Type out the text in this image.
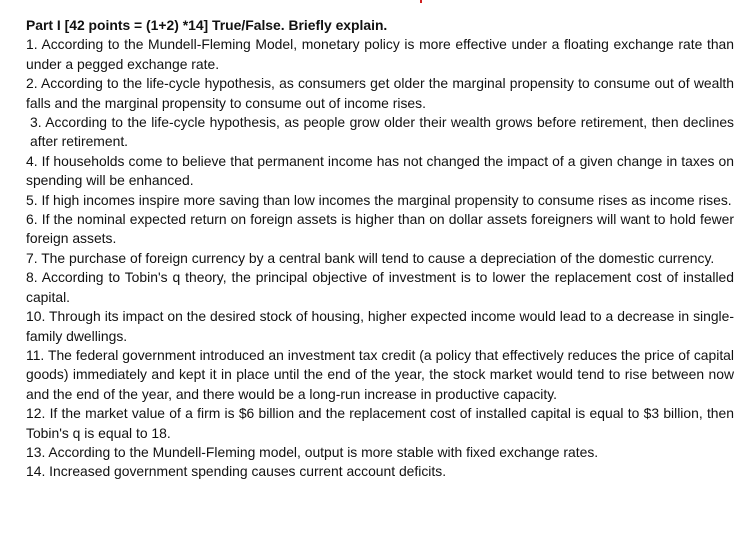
Part I [42 points = (1+2) *14] True/False. Briefly explain.

1. According to the Mundell-Fleming Model, monetary policy is more effective under a floating exchange rate than under a pegged exchange rate.

2. According to the life-cycle hypothesis, as consumers get older the marginal propensity to consume out of wealth falls and the marginal propensity to consume out of income rises.

3. According to the life-cycle hypothesis, as people grow older their wealth grows before retirement, then declines after retirement.

4. If households come to believe that permanent income has not changed the impact of a given change in taxes on spending will be enhanced.

5. If high incomes inspire more saving than low incomes the marginal propensity to consume rises as income rises.

6. If the nominal expected return on foreign assets is higher than on dollar assets foreigners will want to hold fewer foreign assets.

7. The purchase of foreign currency by a central bank will tend to cause a depreciation of the domestic currency.

8. According to Tobin's q theory, the principal objective of investment is to lower the replacement cost of installed capital.

10. Through its impact on the desired stock of housing, higher expected income would lead to a decrease in single-family dwellings.

11. The federal government introduced an investment tax credit (a policy that effectively reduces the price of capital goods) immediately and kept it in place until the end of the year, the stock market would tend to rise between now and the end of the year, and there would be a long-run increase in productive capacity.

12. If the market value of a firm is $6 billion and the replacement cost of installed capital is equal to $3 billion, then Tobin's q is equal to 18.

13. According to the Mundell-Fleming model, output is more stable with fixed exchange rates.

14. Increased government spending causes current account deficits.
